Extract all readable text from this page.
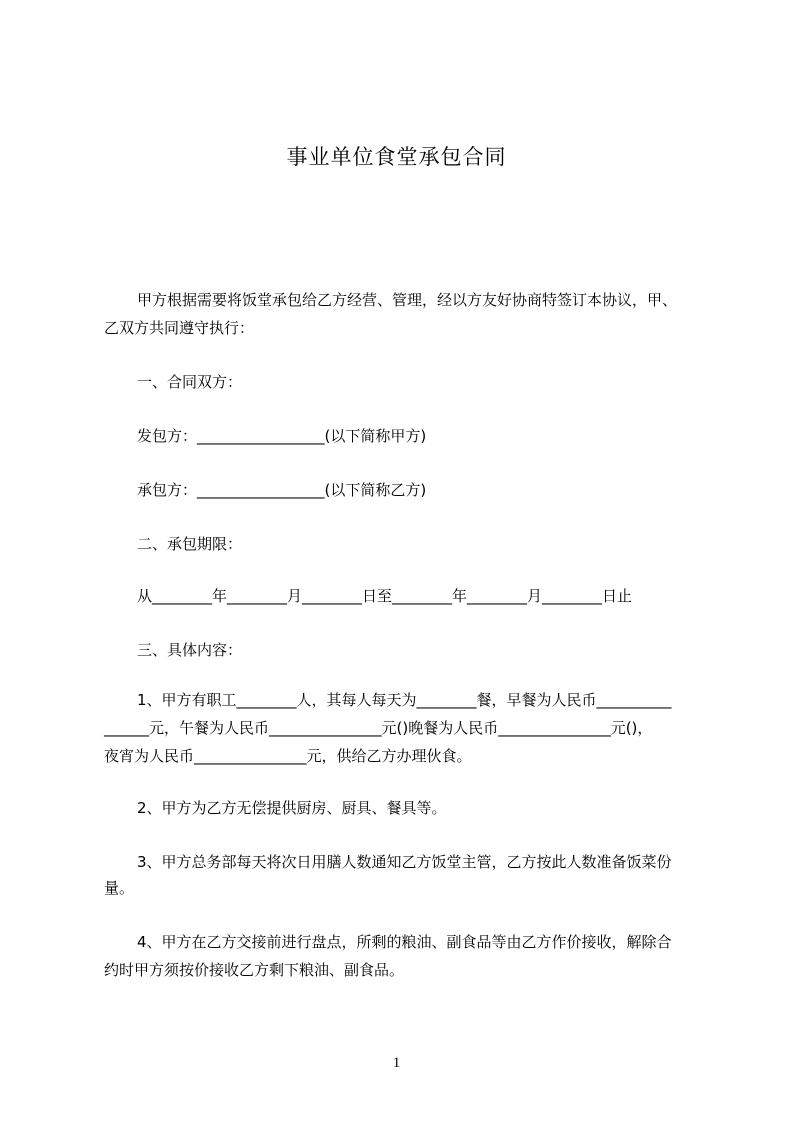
事业单位食堂承包合同
甲方根据需要将饭堂承包给乙方经营、管理，经以方友好协商特签订本协议，甲、
乙双方共同遵守执行：
一、合同双方：
发包方：_________________(以下简称甲方)
承包方：_________________(以下简称乙方)
二、承包期限：
从________年________月________日至________年________月________日止
三、具体内容：
1、甲方有职工________人，其每人每天为________餐，早餐为人民币__________
______元，午餐为人民币_______________元()晚餐为人民币_______________元()，
夜宵为人民币_______________元，供给乙方办理伙食。
2、甲方为乙方无偿提供厨房、厨具、餐具等。
3、甲方总务部每天将次日用膳人数通知乙方饭堂主管，乙方按此人数准备饭菜份
量。
4、甲方在乙方交接前进行盘点，所剩的粮油、副食品等由乙方作价接收，解除合
约时甲方须按价接收乙方剩下粮油、副食品。
1
